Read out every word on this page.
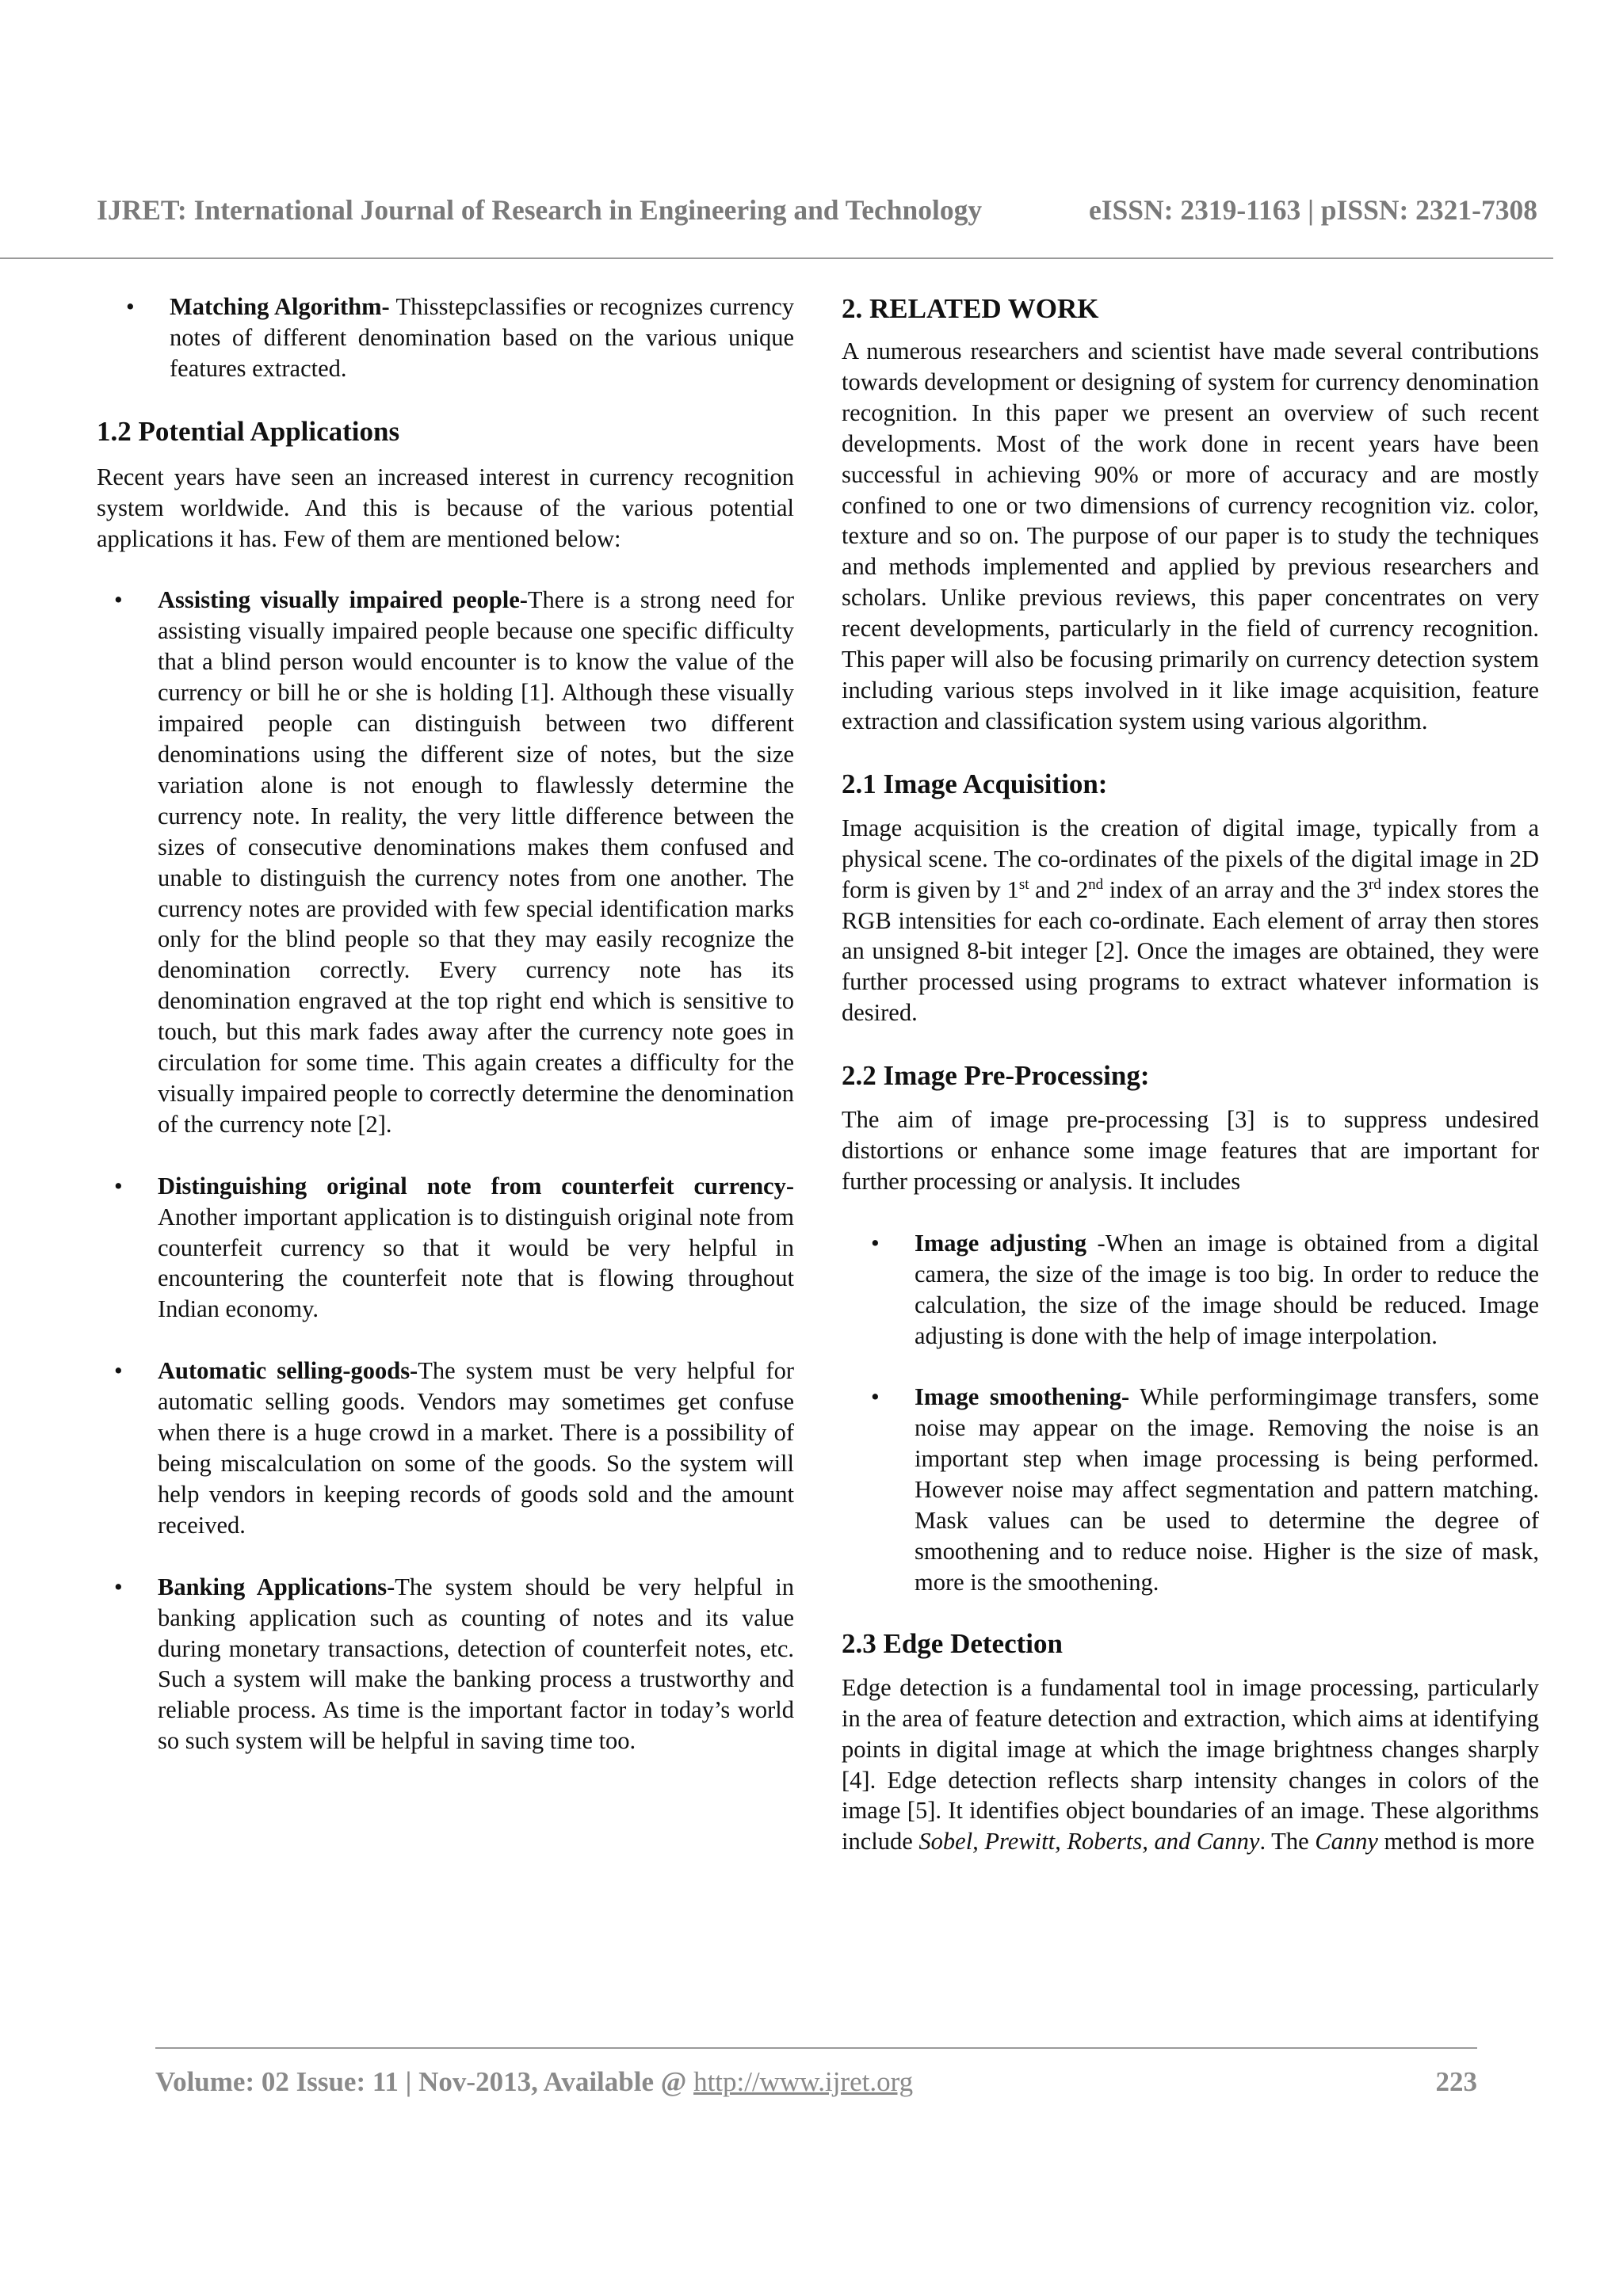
IJRET: International Journal of Research in Engineering and Technology	eISSN: 2319-1163 | pISSN: 2321-7308
• Matching Algorithm- Thisstepclassifies or recognizes currency notes of different denomination based on the various unique features extracted.
1.2 Potential Applications

Recent years have seen an increased interest in currency recognition system worldwide. And this is because of the various potential applications it has. Few of them are mentioned below:

• Assisting visually impaired people-There is a strong need for assisting visually impaired people because one specific difficulty that a blind person would encounter is to know the value of the currency or bill he or she is holding [1]. Although these visually impaired people can distinguish between two different denominations using the different size of notes, but the size variation alone is not enough to flawlessly determine the currency note. In reality, the very little difference between the sizes of consecutive denominations makes them confused and unable to distinguish the currency notes from one another. The currency notes are provided with few special identification marks only for the blind people so that they may easily recognize the denomination correctly. Every currency note has its denomination engraved at the top right end which is sensitive to touch, but this mark fades away after the currency note goes in circulation for some time. This again creates a difficulty for the visually impaired people to correctly determine the denomination of the currency note [2].
• Distinguishing original note from counterfeit currency- Another important application is to distinguish original note from counterfeit currency so that it would be very helpful in encountering the counterfeit note that is flowing throughout Indian economy.
• Automatic selling-goods-The system must be very helpful for automatic selling goods. Vendors may sometimes get confuse when there is a huge crowd in a market. There is a possibility of being miscalculation on some of the goods. So the system will help vendors in keeping records of goods sold and the amount received.
• Banking Applications-The system should be very helpful in banking application such as counting of notes and its value during monetary transactions, detection of counterfeit notes, etc. Such a system will make the banking process a trustworthy and reliable process. As time is the important factor in today’s world so such system will be helpful in saving time too.
2. RELATED WORK

A numerous researchers and scientist have made several contributions towards development or designing of system for currency denomination recognition. In this paper we present an overview of such recent developments. Most of the work done in recent years have been successful in achieving 90% or more of accuracy and are mostly confined to one or two dimensions of currency recognition viz. color, texture and so on. The purpose of our paper is to study the techniques and methods implemented and applied by previous researchers and scholars. Unlike previous reviews, this paper concentrates on very recent developments, particularly in the field of currency recognition. This paper will also be focusing primarily on currency detection system including various steps involved in it like image acquisition, feature extraction and classification system using various algorithm.

2.1 Image Acquisition:

Image acquisition is the creation of digital image, typically from a physical scene. The co-ordinates of the pixels of the digital image in 2D form is given by 1st and 2nd index of an array and the 3rd index stores the RGB intensities for each co-ordinate. Each element of array then stores an unsigned 8-bit integer [2]. Once the images are obtained, they were further processed using programs to extract whatever information is desired.

2.2 Image Pre-Processing:

The aim of image pre-processing [3] is to suppress undesired distortions or enhance some image features that are important for further processing or analysis. It includes

• Image adjusting -When an image is obtained from a digital camera, the size of the image is too big. In order to reduce the calculation, the size of the image should be reduced. Image adjusting is done with the help of image interpolation.
• Image smoothening- While performingimage transfers, some noise may appear on the image. Removing the noise is an important step when image processing is being performed. However noise may affect segmentation and pattern matching. Mask values can be used to determine the degree of smoothening and to reduce noise. Higher is the size of mask, more is the smoothening.
2.3 Edge Detection

Edge detection is a fundamental tool in image processing, particularly in the area of feature detection and extraction, which aims at identifying points in digital image at which the image brightness changes sharply [4]. Edge detection reflects sharp intensity changes in colors of the image [5]. It identifies object boundaries of an image. These algorithms include Sobel, Prewitt, Roberts, and Canny. The Canny method is more

Volume: 02 Issue: 11 | Nov-2013, Available @ http://www.ijret.org	223
